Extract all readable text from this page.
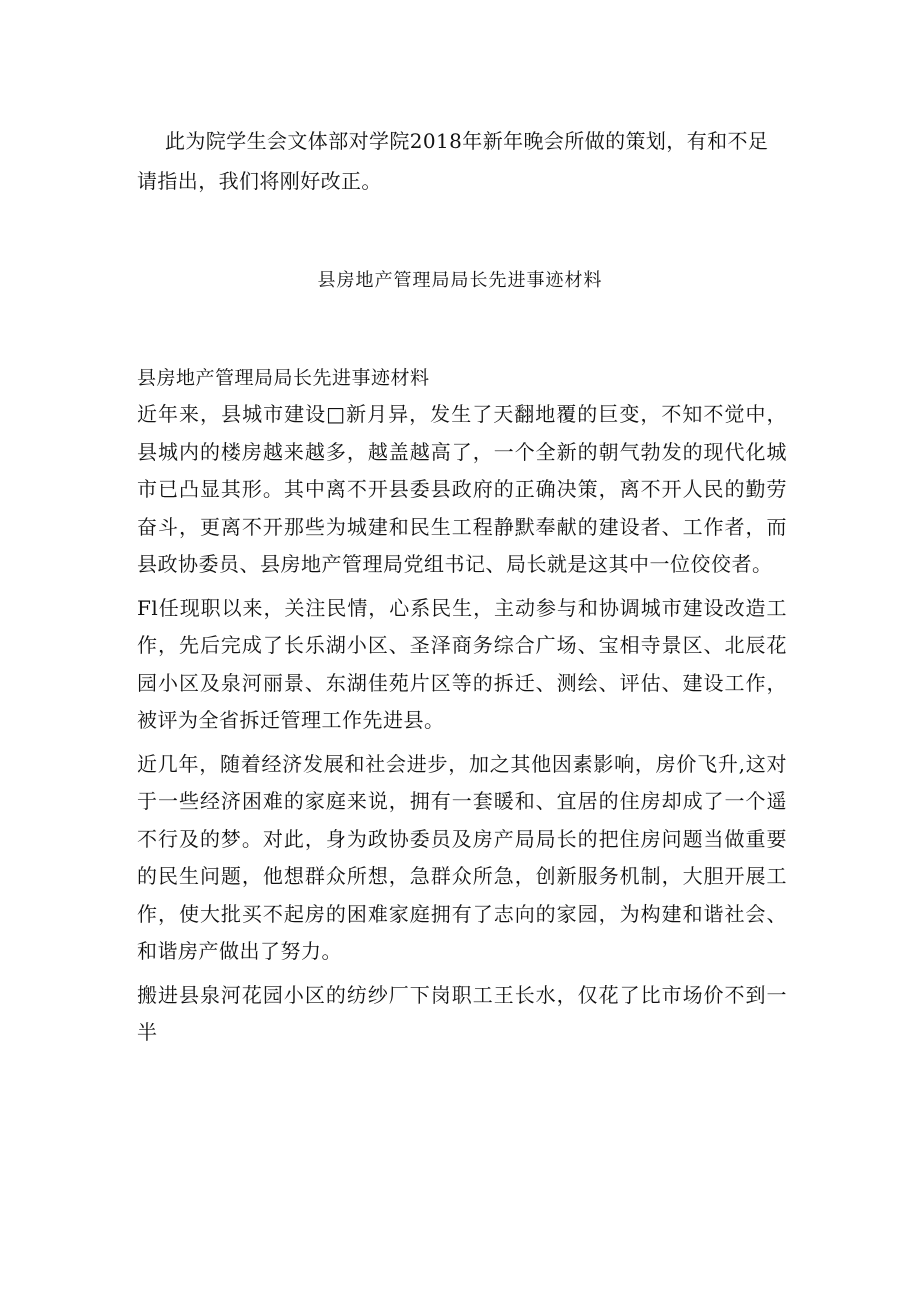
此为院学生会文体部对学院2018年新年晚会所做的策划，有和不足请指出，我们将刚好改正。

县房地产管理局局长先进事迹材料

县房地产管理局局长先进事迹材料

近年来，县城市建设□新月异，发生了天翻地覆的巨变，不知不觉中，县城内的楼房越来越多，越盖越高了，一个全新的朝气勃发的现代化城市已凸显其形。其中离不开县委县政府的正确决策，离不开人民的勤劳奋斗，更离不开那些为城建和民生工程静默奉献的建设者、工作者，而县政协委员、县房地产管理局党组书记、局长就是这其中一位佼佼者。

Fl任现职以来，关注民情，心系民生，主动参与和协调城市建设改造工作，先后完成了长乐湖小区、圣泽商务综合广场、宝相寺景区、北辰花园小区及泉河丽景、东湖佳苑片区等的拆迁、测绘、评估、建设工作，被评为全省拆迁管理工作先进县。

近几年，随着经济发展和社会进步，加之其他因素影响，房价飞升,这对于一些经济困难的家庭来说，拥有一套暖和、宜居的住房却成了一个遥不行及的梦。对此，身为政协委员及房产局局长的把住房问题当做重要的民生问题，他想群众所想，急群众所急，创新服务机制，大胆开展工作，使大批买不起房的困难家庭拥有了志向的家园，为构建和谐社会、和谐房产做出了努力。

搬进县泉河花园小区的纺纱厂下岗职工王长水，仅花了比市场价不到一半
